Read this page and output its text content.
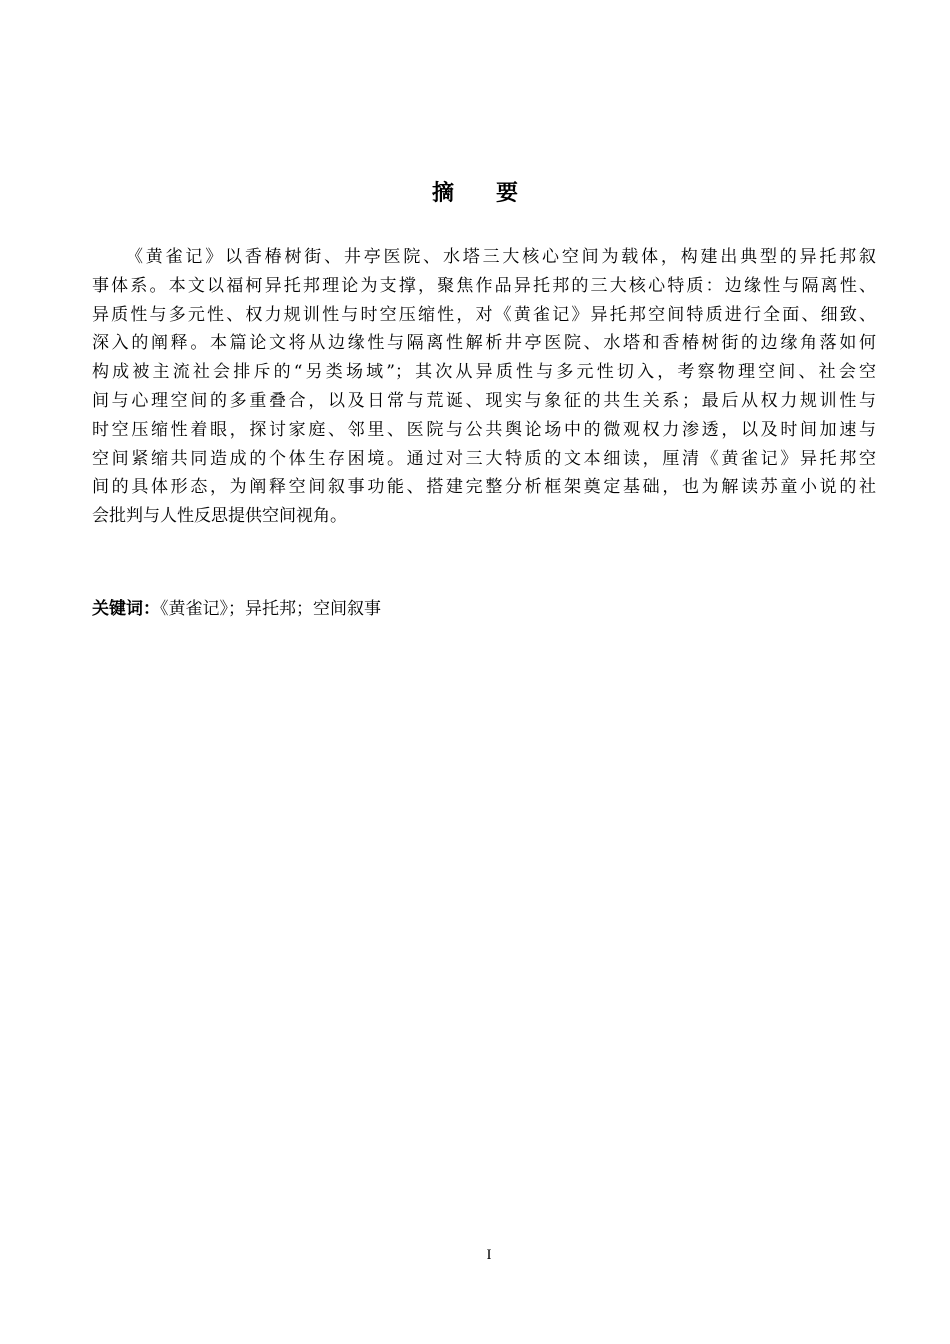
摘 要
《黄雀记》以香椿树街、井亭医院、水塔三大核心空间为载体，构建出典型的异托邦叙
事体系。本文以福柯异托邦理论为支撑，聚焦作品异托邦的三大核心特质：边缘性与隔离性、
异质性与多元性、权力规训性与时空压缩性，对《黄雀记》异托邦空间特质进行全面、细致、
深入的阐释。本篇论文将从边缘性与隔离性解析井亭医院、水塔和香椿树街的边缘角落如何
构成被主流社会排斥的“另类场域”；其次从异质性与多元性切入，考察物理空间、社会空
间与心理空间的多重叠合，以及日常与荒诞、现实与象征的共生关系；最后从权力规训性与
时空压缩性着眼，探讨家庭、邻里、医院与公共舆论场中的微观权力渗透，以及时间加速与
空间紧缩共同造成的个体生存困境。通过对三大特质的文本细读，厘清《黄雀记》异托邦空
间的具体形态，为阐释空间叙事功能、搭建完整分析框架奠定基础，也为解读苏童小说的社
会批判与人性反思提供空间视角。
关键词：《黄雀记》；异托邦；空间叙事
I
